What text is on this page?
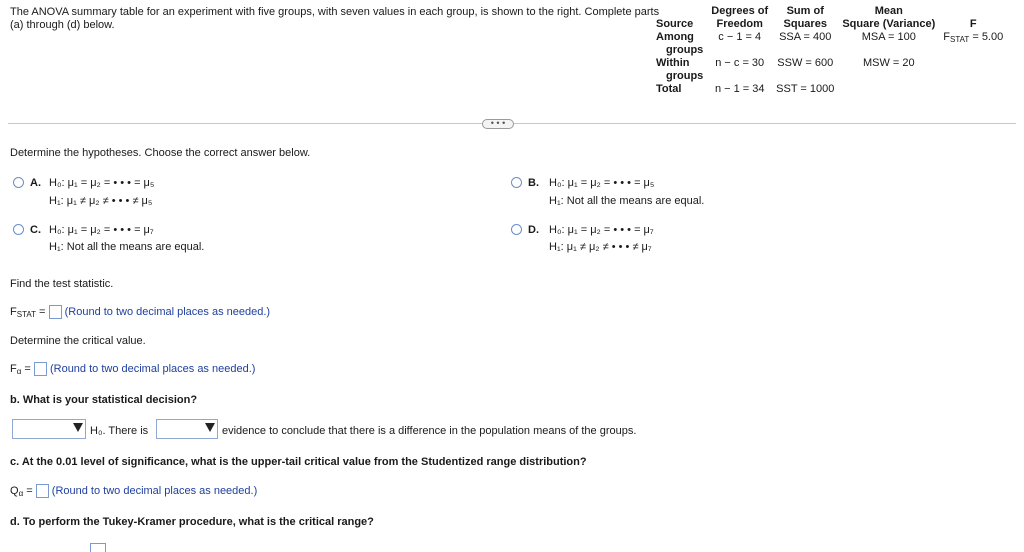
The ANOVA summary table for an experiment with five groups, with seven values in each group, is shown to the right. Complete parts (a) through (d) below.	Source	Degrees of
Freedom	Sum of
Squares	Mean
Square (Variance)	F
Among
groups	c − 1 = 4	SSA = 400	MSA = 100	$F_{STAT} = 5.00$
Within
groups	n − c = 30	SSW = 600	MSW = 20	
Total	n − 1 = 34	SST = 1000		
• • •
Determine the hypotheses. Choose the correct answer below.
A. H₀: μ₁ = μ₂ = • • • = μ₅
H₁: μ₁ ≠ μ₂ ≠ • • • ≠ μ₅
B. H₀: μ₁ = μ₂ = • • • = μ₅
H₁: Not all the means are equal.
C. H₀: μ₁ = μ₂ = • • • = μ₇
H₁: Not all the means are equal.
D. H₀: μ₁ = μ₂ = • • • = μ₇
H₁: μ₁ ≠ μ₂ ≠ • • • ≠ μ₇
Find the test statistic.
$F_{STAT}$ = (Round to two decimal places as needed.)
Determine the critical value.
$F_\alpha$ = (Round to two decimal places as needed.)
b. What is your statistical decision?
H₀. There is	evidence to conclude that there is a difference in the population means of the groups.
c. At the 0.01 level of significance, what is the upper-tail critical value from the Studentized range distribution?
$Q_\alpha$ = (Round to two decimal places as needed.)
d. To perform the Tukey-Kramer procedure, what is the critical range?
